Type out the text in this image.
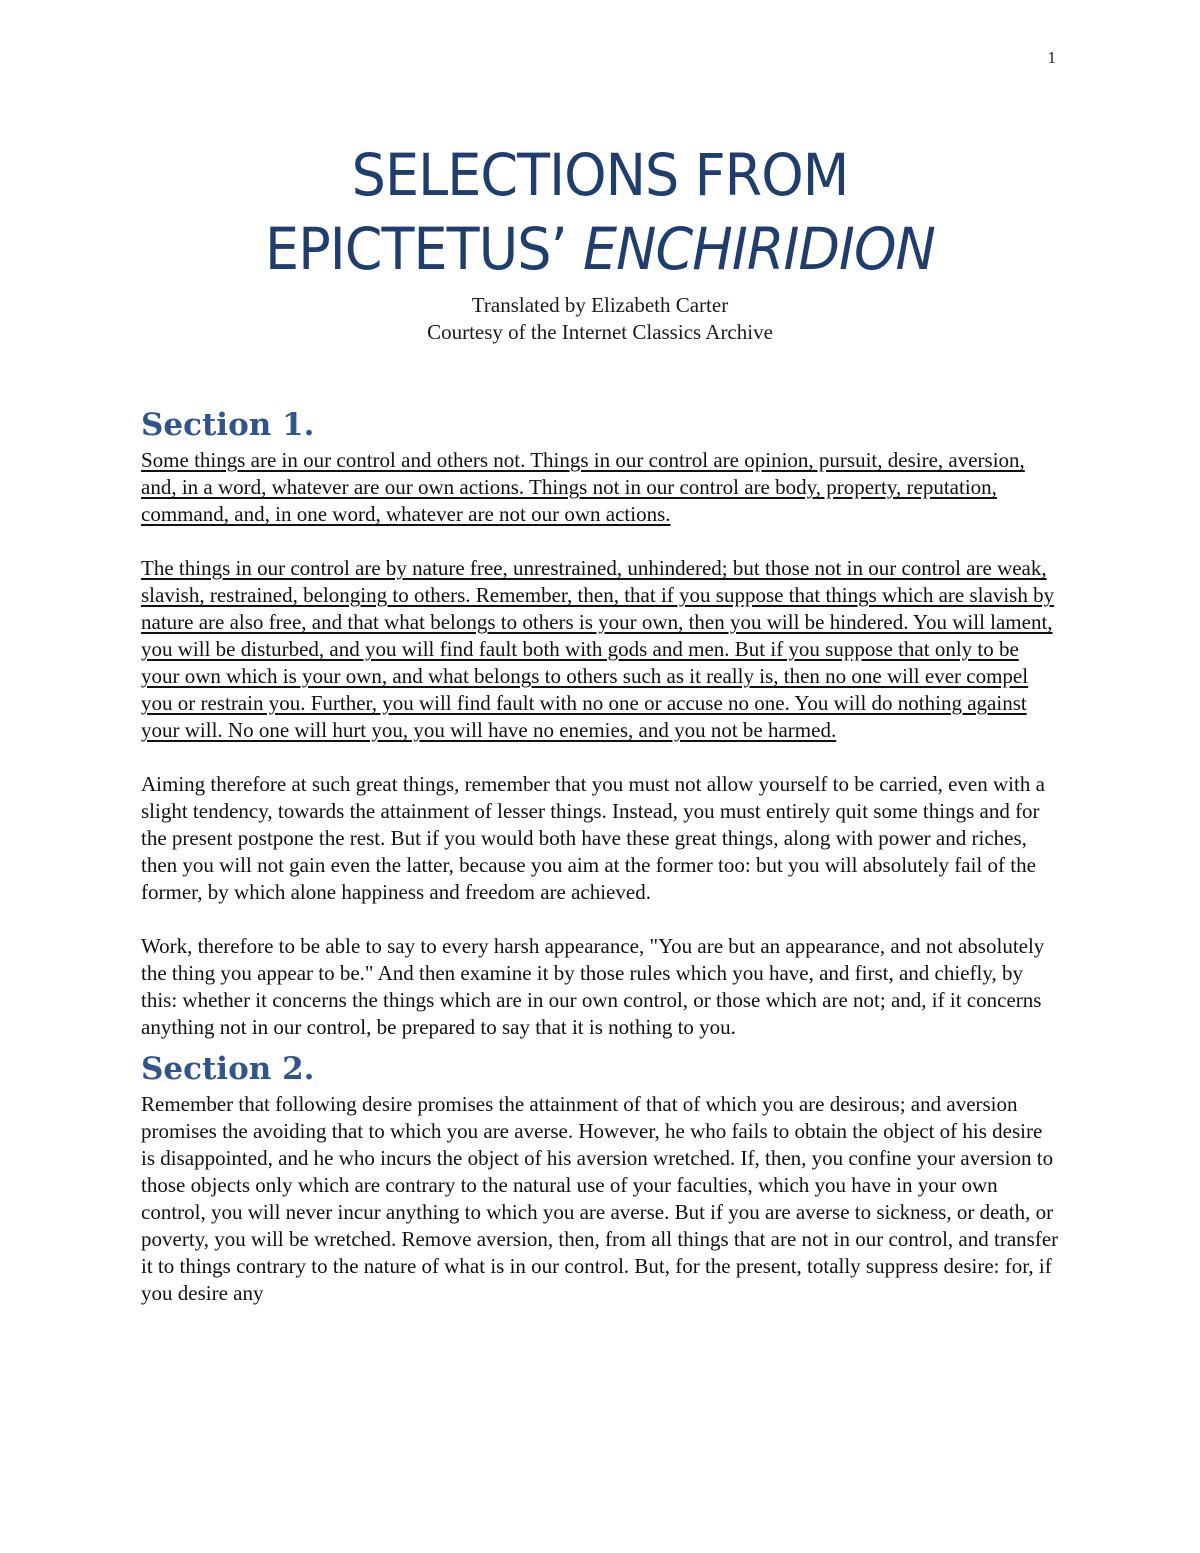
1
SELECTIONS FROM
EPICTETUS’ ENCHIRIDION
Translated by Elizabeth Carter
Courtesy of the Internet Classics Archive
Section 1.

Some things are in our control and others not. Things in our control are opinion, pursuit, desire, aversion, and, in a word, whatever are our own actions. Things not in our control are body, property, reputation, command, and, in one word, whatever are not our own actions.

The things in our control are by nature free, unrestrained, unhindered; but those not in our control are weak, slavish, restrained, belonging to others. Remember, then, that if you suppose that things which are slavish by nature are also free, and that what belongs to others is your own, then you will be hindered. You will lament, you will be disturbed, and you will find fault both with gods and men. But if you suppose that only to be your own which is your own, and what belongs to others such as it really is, then no one will ever compel you or restrain you. Further, you will find fault with no one or accuse no one. You will do nothing against your will. No one will hurt you, you will have no enemies, and you not be harmed.

Aiming therefore at such great things, remember that you must not allow yourself to be carried, even with a slight tendency, towards the attainment of lesser things. Instead, you must entirely quit some things and for the present postpone the rest. But if you would both have these great things, along with power and riches, then you will not gain even the latter, because you aim at the former too: but you will absolutely fail of the former, by which alone happiness and freedom are achieved.

Work, therefore to be able to say to every harsh appearance, "You are but an appearance, and not absolutely the thing you appear to be." And then examine it by those rules which you have, and first, and chiefly, by this: whether it concerns the things which are in our own control, or those which are not; and, if it concerns anything not in our control, be prepared to say that it is nothing to you.

Section 2.

Remember that following desire promises the attainment of that of which you are desirous; and aversion promises the avoiding that to which you are averse. However, he who fails to obtain the object of his desire is disappointed, and he who incurs the object of his aversion wretched. If, then, you confine your aversion to those objects only which are contrary to the natural use of your faculties, which you have in your own control, you will never incur anything to which you are averse. But if you are averse to sickness, or death, or poverty, you will be wretched. Remove aversion, then, from all things that are not in our control, and transfer it to things contrary to the nature of what is in our control. But, for the present, totally suppress desire: for, if you desire any
